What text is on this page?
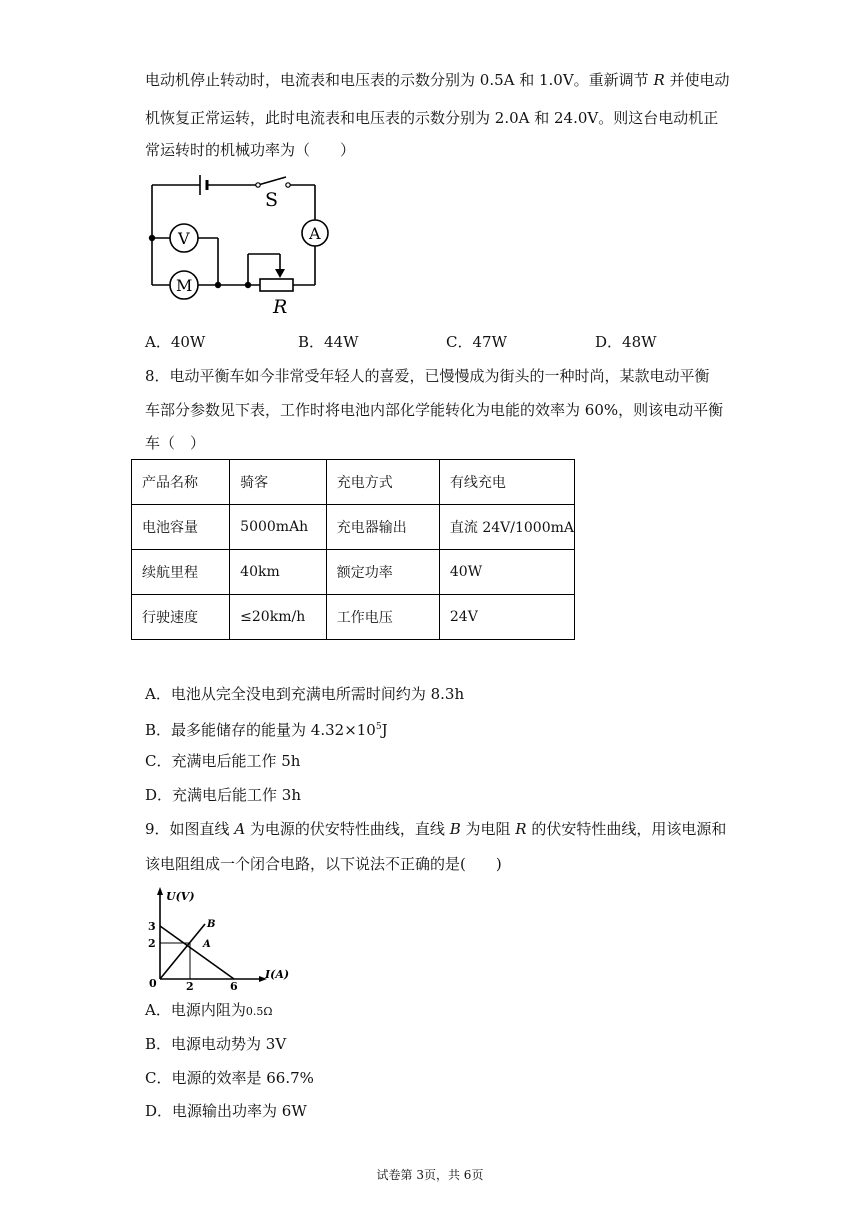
电动机停止转动时，电流表和电压表的示数分别为 0.5A 和 1.0V。重新调节 R 并使电动
机恢复正常运转，此时电流表和电压表的示数分别为 2.0A 和 24.0V。则这台电动机正
常运转时的机械功率为（　　）
S
A
V
M
R
A．40W	B．44W	C．47W	D．48W
8．电动平衡车如今非常受年轻人的喜爱，已慢慢成为街头的一种时尚，某款电动平衡
车部分参数见下表，工作时将电池内部化学能转化为电能的效率为 60%，则该电动平衡
车（　）
产品名称	骑客	充电方式	有线充电
电池容量	5000mAh	充电器输出	直流 24V/1000mA
续航里程	40km	额定功率	40W
行驶速度	≤20km/h	工作电压	24V
A．电池从完全没电到充满电所需时间约为 8.3h
B．最多能储存的能量为 $4.32\times 10^5J$
C．充满电后能工作 5h
D．充满电后能工作 3h
9．如图直线 A 为电源的伏安特性曲线，直线 B 为电阻 R 的伏安特性曲线，用该电源和
该电阻组成一个闭合电路，以下说法不正确的是(　　)
U(V)
I(A)
0
3
2
2	6
A
B
A．电源内阻为0.5Ω
B．电源电动势为 3V
C．电源的效率是 66.7%
D．电源输出功率为 6W
试卷第 3页，共 6页
